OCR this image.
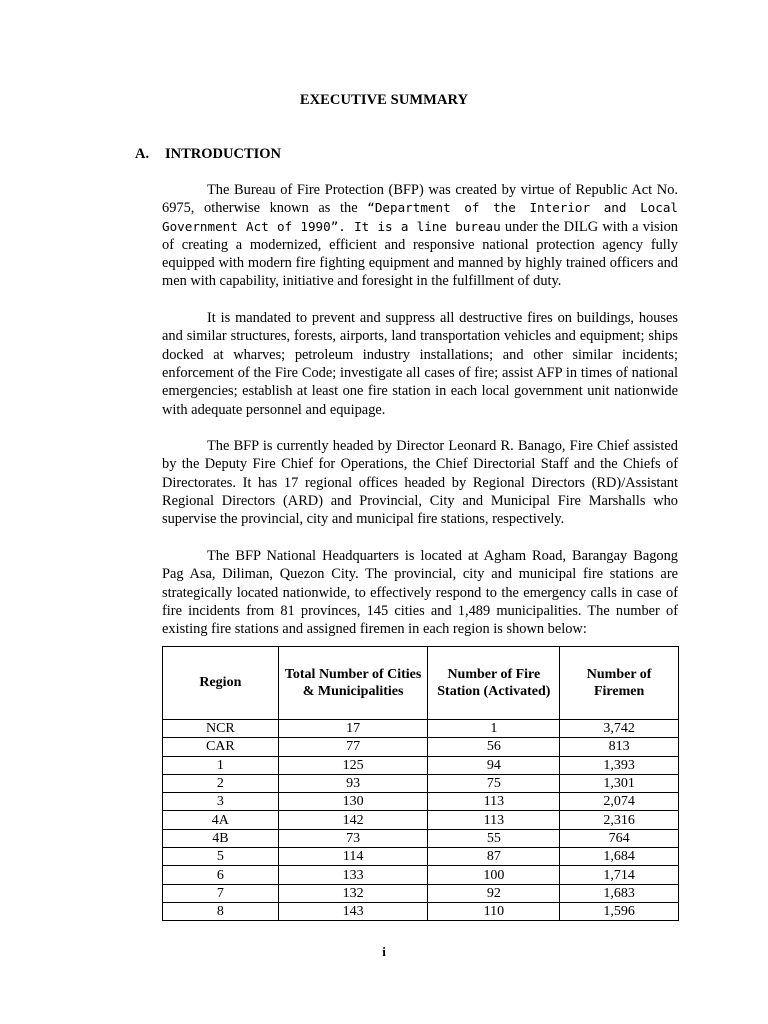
EXECUTIVE SUMMARY
A. INTRODUCTION

The Bureau of Fire Protection (BFP) was created by virtue of Republic Act No. 6975, otherwise known as the “Department of the Interior and Local Government Act of 1990”. It is a line bureau under the DILG with a vision of creating a modernized, efficient and responsive national protection agency fully equipped with modern fire fighting equipment and manned by highly trained officers and men with capability, initiative and foresight in the fulfillment of duty.

It is mandated to prevent and suppress all destructive fires on buildings, houses and similar structures, forests, airports, land transportation vehicles and equipment; ships docked at wharves; petroleum industry installations; and other similar incidents; enforcement of the Fire Code; investigate all cases of fire; assist AFP in times of national emergencies; establish at least one fire station in each local government unit nationwide with adequate personnel and equipage.

The BFP is currently headed by Director Leonard R. Banago, Fire Chief assisted by the Deputy Fire Chief for Operations, the Chief Directorial Staff and the Chiefs of Directorates. It has 17 regional offices headed by Regional Directors (RD)/Assistant Regional Directors (ARD) and Provincial, City and Municipal Fire Marshalls who supervise the provincial, city and municipal fire stations, respectively.

The BFP National Headquarters is located at Agham Road, Barangay Bagong Pag Asa, Diliman, Quezon City. The provincial, city and municipal fire stations are strategically located nationwide, to effectively respond to the emergency calls in case of fire incidents from 81 provinces, 145 cities and 1,489 municipalities. The number of existing fire stations and assigned firemen in each region is shown below:

Region	Total Number of Cities & Municipalities	Number of Fire Station (Activated)	Number of Firemen
NCR	17	1	3,742
CAR	77	56	813
1	125	94	1,393
2	93	75	1,301
3	130	113	2,074
4A	142	113	2,316
4B	73	55	764
5	114	87	1,684
6	133	100	1,714
7	132	92	1,683
8	143	110	1,596
i
